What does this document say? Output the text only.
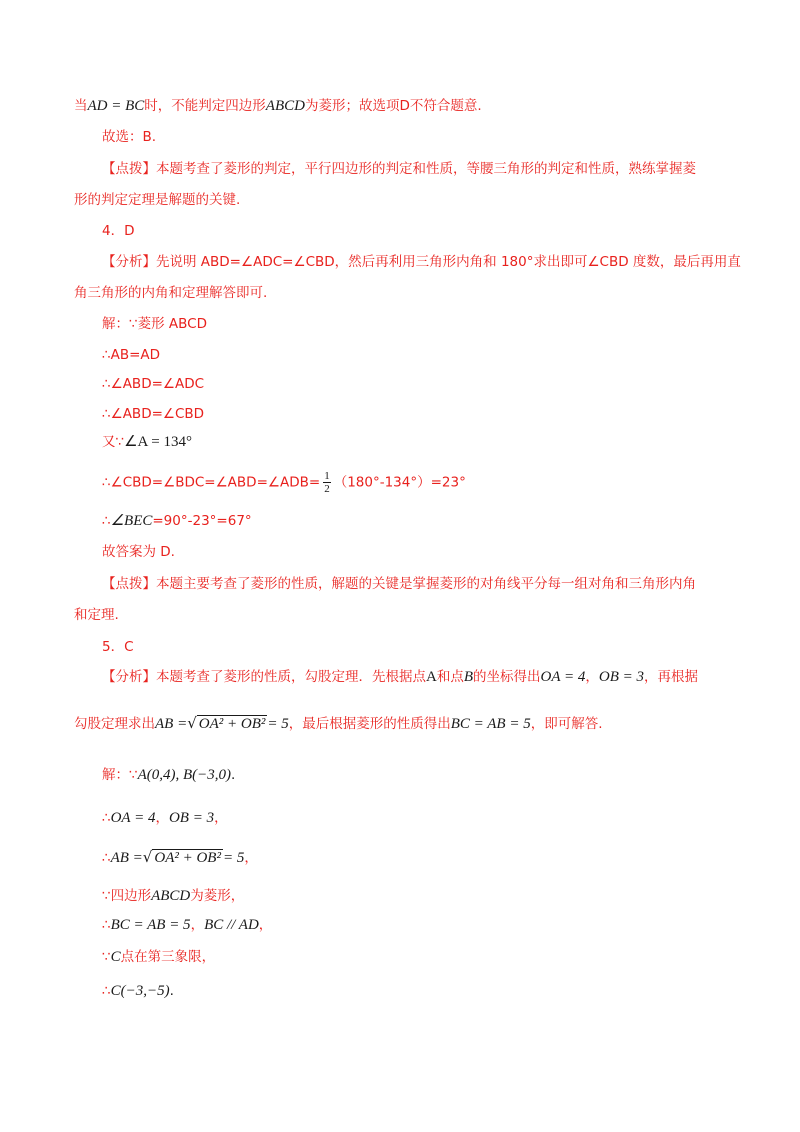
当AD = BC时，不能判定四边形ABCD为菱形；故选项D不符合题意.
故选：B.
【点拨】本题考查了菱形的判定，平行四边形的判定和性质，等腰三角形的判定和性质，熟练掌握菱
形的判定定理是解题的关键.
4．D
【分析】先说明 ABD=∠ADC=∠CBD，然后再利用三角形内角和 180°求出即可∠CBD 度数，最后再用直
角三角形的内角和定理解答即可.
解：∵菱形 ABCD
∴AB=AD
∴∠ABD=∠ADC
∴∠ABD=∠CBD
又∵∠A = 134°
∴∠CBD=∠BDC=∠ABD=∠ADB= $\frac{1}{2} (180^\circ-134^\circ)=23^\circ$
∴∠BEC=90°-23°=67°
故答案为 D.
【点拨】本题主要考查了菱形的性质，解题的关键是掌握菱形的对角线平分每一组对角和三角形内角
和定理.
5．C
【分析】本题考查了菱形的性质，勾股定理．先根据点A和点B的坐标得出OA = 4，OB = 3，再根据
勾股定理求出AB =√ OA² + OB² = 5，最后根据菱形的性质得出BC = AB = 5，即可解答.
解：∵A(0,4), B(−3,0).
∴OA = 4，OB = 3，
∴AB =√ OA² + OB² = 5，
∵四边形ABCD为菱形，
∴BC = AB = 5，BC // AD，
∵C点在第三象限，
∴C(−3,−5).
